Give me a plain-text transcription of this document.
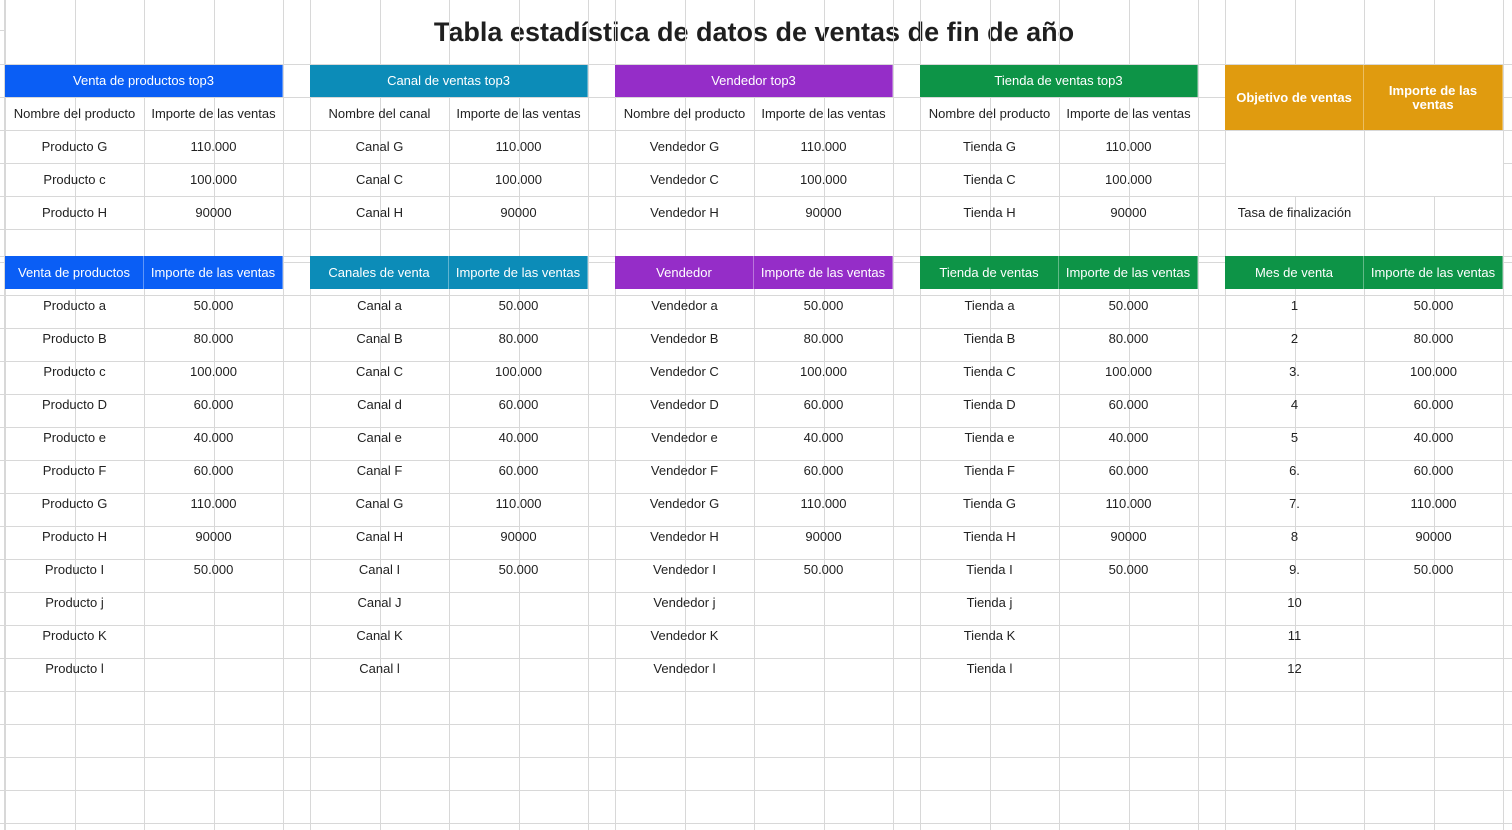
Tabla estadística de datos de ventas de fin de año
Venta de productos top3
Nombre del producto	Importe de las ventas
Producto G	110.000
Producto c	100.000
Producto H	90000
Canal de ventas top3
Nombre del canal	Importe de las ventas
Canal G	110.000
Canal C	100.000
Canal H	90000
Vendedor top3
Nombre del producto	Importe de las ventas
Vendedor G	110.000
Vendedor C	100.000
Vendedor H	90000
Tienda de ventas top3
Nombre del producto	Importe de las ventas
Tienda G	110.000
Tienda C	100.000
Tienda H	90000
Objetivo de ventas	Importe de las ventas
Tasa de finalización
Venta de productos	Importe de las ventas
Producto a	50.000
Producto B	80.000
Producto c	100.000
Producto D	60.000
Producto e	40.000
Producto F	60.000
Producto G	110.000
Producto H	90000
Producto I	50.000
Producto j
Producto K
Producto l
Canales de venta	Importe de las ventas
Canal a	50.000
Canal B	80.000
Canal C	100.000
Canal d	60.000
Canal e	40.000
Canal F	60.000
Canal G	110.000
Canal H	90000
Canal I	50.000
Canal J
Canal K
Canal l
Vendedor	Importe de las ventas
Vendedor a	50.000
Vendedor B	80.000
Vendedor C	100.000
Vendedor D	60.000
Vendedor e	40.000
Vendedor F	60.000
Vendedor G	110.000
Vendedor H	90000
Vendedor I	50.000
Vendedor j
Vendedor K
Vendedor l
Tienda de ventas	Importe de las ventas
Tienda a	50.000
Tienda B	80.000
Tienda C	100.000
Tienda D	60.000
Tienda e	40.000
Tienda F	60.000
Tienda G	110.000
Tienda H	90000
Tienda I	50.000
Tienda j
Tienda K
Tienda l
Mes de venta	Importe de las ventas
1	50.000
2	80.000
3.	100.000
4	60.000
5	40.000
6.	60.000
7.	110.000
8	90000
9.	50.000
10
11
12
